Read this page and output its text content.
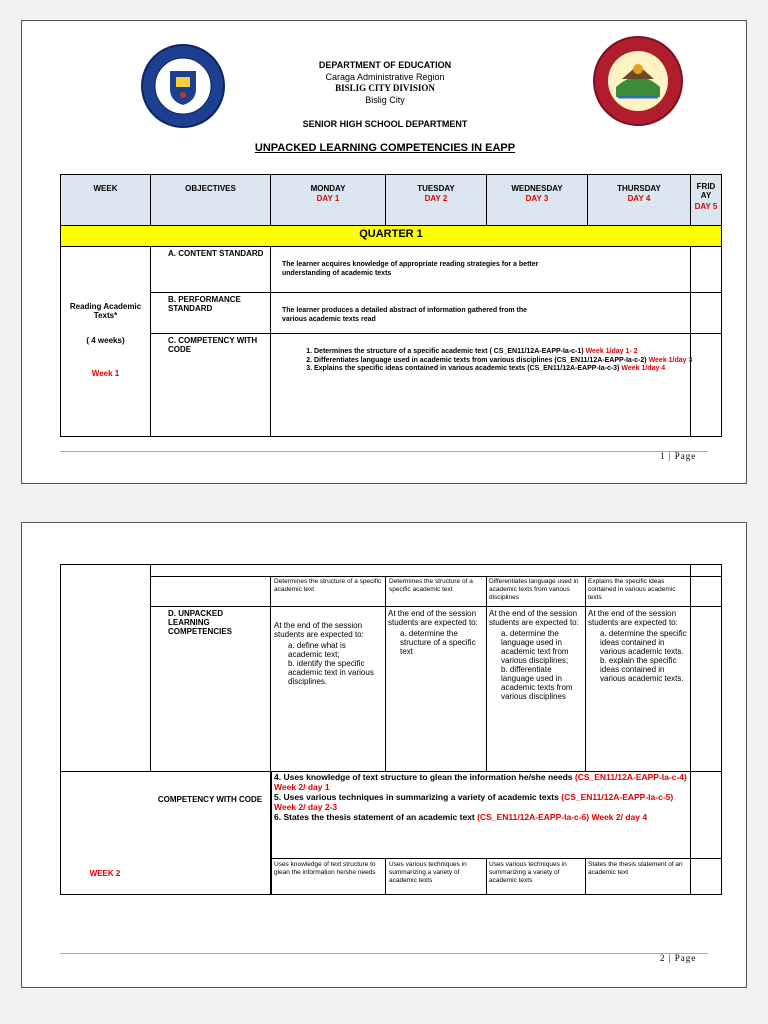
DEPARTMENT OF EDUCATION
Caraga Administrative Region
BISLIG CITY DIVISION
Bislig City
SENIOR HIGH SCHOOL DEPARTMENT
UNPACKED LEARNING COMPETENCIES IN EAPP
WEEK	OBJECTIVES	MONDAY
DAY 1
TUESDAY
DAY 2
WEDNESDAY
DAY 3
THURSDAY
DAY 4
FRID AY
DAY 5
QUARTER 1
Reading Academic Texts*
( 4 weeks)
Week 1
A. CONTENT STANDARD
B. PERFORMANCE STANDARD
C. COMPETENCY WITH CODE
The learner acquires knowledge of appropriate reading strategies for a better understanding of academic texts
The learner produces a detailed abstract of information gathered from the various academic texts read
1. Determines the structure of a specific academic text ( CS_EN11/12A-EAPP-Ia-c-1) Week 1/day 1- 2
2. Differentiates language used in academic texts from various disciplines (CS_EN11/12A-EAPP-Ia-c-2) Week 1/day 3
3. Explains the specific ideas contained in various academic texts (CS_EN11/12A-EAPP-Ia-c-3) Week 1/day 4
1 | Page
Determines the structure of a specific academic text
Determines the structure of a specific academic text
Differentiates language used in academic texts from various disciplines
Explains the specific ideas contained in various academic texts
D. UNPACKED LEARNING COMPETENCIES
At the end of the session students are expected to:
a. define what is academic text;
b. identify the specific academic text in various disciplines.
At the end of the session students are expected to:
a. determine the structure of a specific text
At the end of the session students are expected to:
a. determine the language used in academic text from various disciplines;
b. differentiate language used in academic texts from various disciplines
At the end of the session students are expected to:
a. determine the specific ideas contained in various academic texts.
b. explain the specific ideas contained in various academic texts.
COMPETENCY WITH CODE
WEEK 2
4. Uses knowledge of text structure to glean the information he/she needs (CS_EN11/12A-EAPP-Ia-c-4) Week 2/ day 1
5. Uses various techniques in summarizing a variety of academic texts (CS_EN11/12A-EAPP-Ia-c-5) Week 2/ day 2-3
6. States the thesis statement of an academic text (CS_EN11/12A-EAPP-Ia-c-6) Week 2/ day 4
Uses knowledge of text structure to glean the information he/she needs
Uses various techniques in summarizing a variety of academic texts
Uses various techniques in summarizing a variety of academic texts
States the thesis statement of an academic text
2 | Page
